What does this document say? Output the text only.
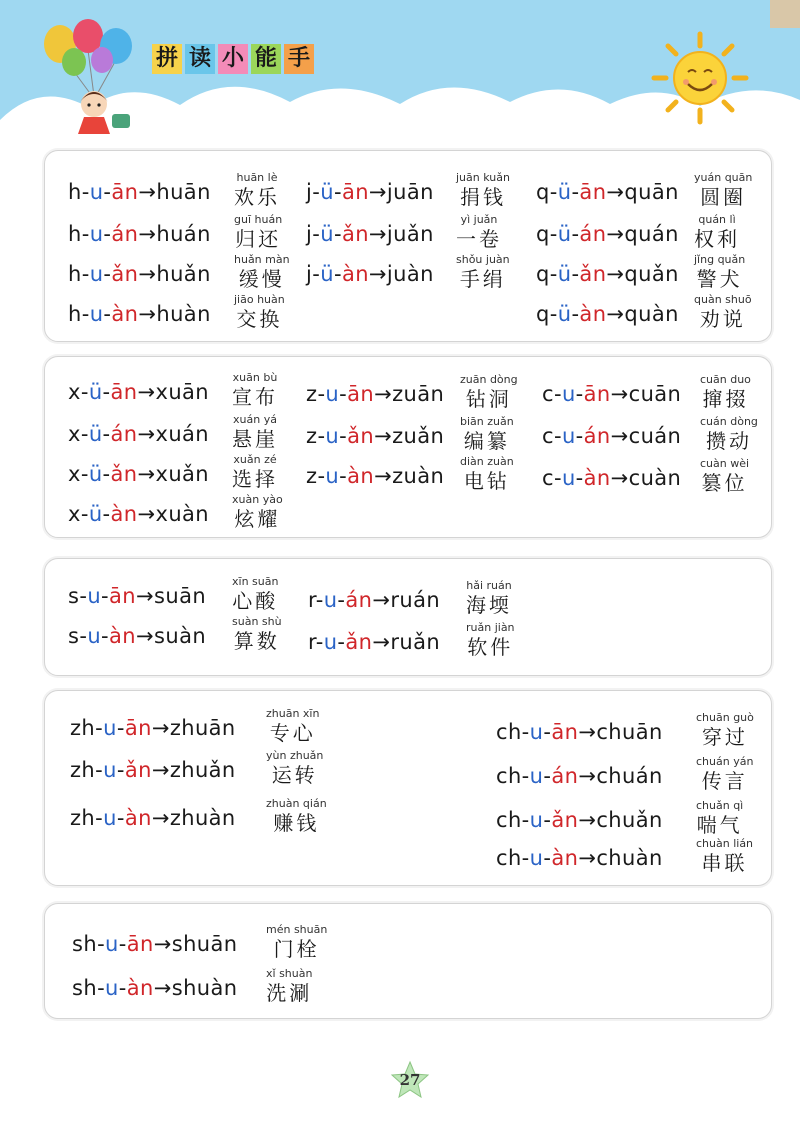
拼 读 小 能 手
h-u-ān→huān
huān lè
欢乐
h-u-án→huán
guī huán
归还
h-u-ǎn→huǎn
huǎn màn
缓慢
h-u-àn→huàn
jiāo huàn
交换
j-ü-ān→juān
juān kuǎn
捐钱
j-ü-ǎn→juǎn
yì juǎn
一卷
j-ü-àn→juàn
shǒu juàn
手绢
q-ü-ān→quān
yuán quān
圆圈
q-ü-án→quán
quán lì
权利
q-ü-ǎn→quǎn
jǐng quǎn
警犬
q-ü-àn→quàn
quàn shuō
劝说
x-ü-ān→xuān
xuān bù
宣布
x-ü-án→xuán
xuán yá
悬崖
x-ü-ǎn→xuǎn
xuǎn zé
选择
x-ü-àn→xuàn
xuàn yào
炫耀
z-u-ān→zuān
zuān dòng
钻洞
z-u-ǎn→zuǎn
biān zuǎn
编纂
z-u-àn→zuàn
diàn zuàn
电钻
c-u-ān→cuān
cuān duo
撺掇
c-u-án→cuán
cuán dòng
攒动
c-u-àn→cuàn
cuàn wèi
篡位
s-u-ān→suān
xīn suān
心酸
s-u-àn→suàn
suàn shù
算数
r-u-án→ruán
hǎi ruán
海堧
r-u-ǎn→ruǎn
ruǎn jiàn
软件
zh-u-ān→zhuān
zhuān xīn
专心
zh-u-ǎn→zhuǎn
yùn zhuǎn
运转
zh-u-àn→zhuàn
zhuàn qián
赚钱
ch-u-ān→chuān
chuān guò
穿过
ch-u-án→chuán
chuán yán
传言
ch-u-ǎn→chuǎn
chuǎn qì
喘气
ch-u-àn→chuàn
chuàn lián
串联
sh-u-ān→shuān
mén shuān
门栓
sh-u-àn→shuàn
xǐ shuàn
洗涮
27
